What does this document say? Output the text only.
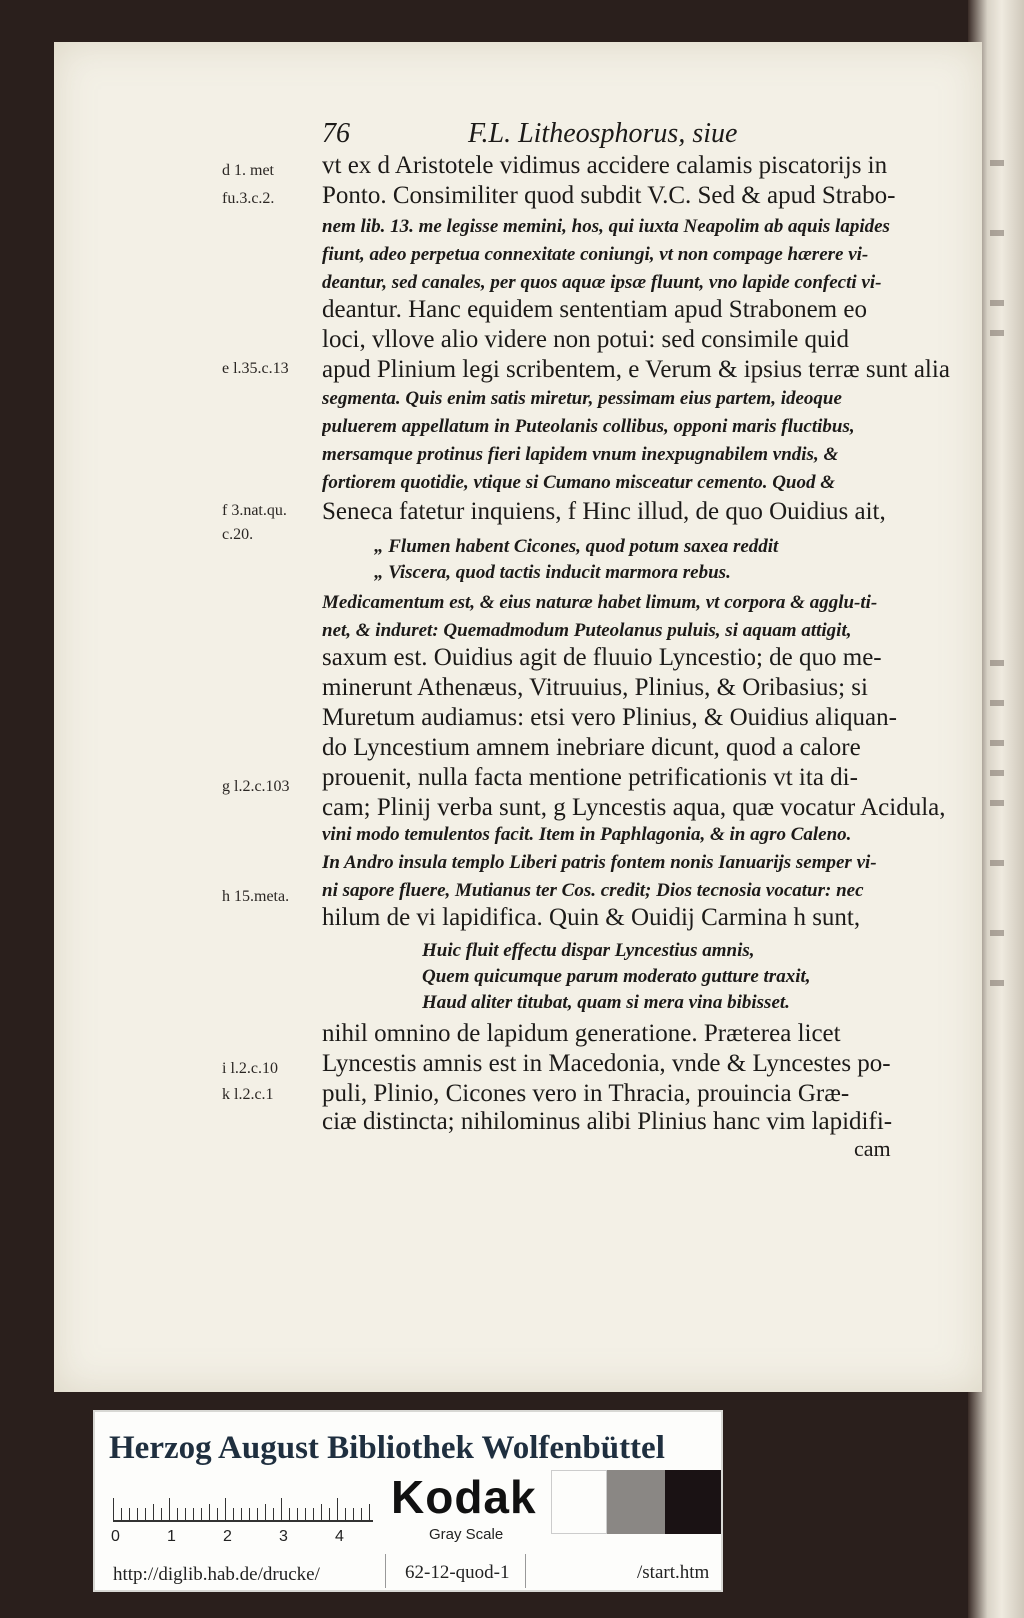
76	F.L. Litheosphorus, siue
d 1. met
fu.3.c.2.
e l.35.c.13
f 3.nat.qu.
c.20.
g l.2.c.103
h 15.meta.
i l.2.c.10
k l.2.c.1
vt ex d Aristotele vidimus accidere calamis piscatorijs in
Ponto. Consimiliter quod subdit V.C. Sed & apud Strabo-
nem lib. 13. me legisse memini, hos, qui iuxta Neapolim ab aquis lapides
fiunt, adeo perpetua connexitate coniungi, vt non compage hærere vi-
deantur, sed canales, per quos aquæ ipsæ fluunt, vno lapide confecti vi-
deantur. Hanc equidem sententiam apud Strabonem eo
loci, vllove alio videre non potui: sed consimile quid
apud Plinium legi scribentem, e Verum & ipsius terræ sunt alia
segmenta. Quis enim satis miretur, pessimam eius partem, ideoque
puluerem appellatum in Puteolanis collibus, opponi maris fluctibus,
mersamque protinus fieri lapidem vnum inexpugnabilem vndis, &
fortiorem quotidie, vtique si Cumano misceatur cemento. Quod &
Seneca fatetur inquiens, f Hinc illud, de quo Ouidius ait,
„ Flumen habent Cicones, quod potum saxea reddit
„ Viscera, quod tactis inducit marmora rebus.
Medicamentum est, & eius naturæ habet limum, vt corpora & agglu-ti-
net, & induret: Quemadmodum Puteolanus puluis, si aquam attigit,
saxum est. Ouidius agit de fluuio Lyncestio; de quo me-
minerunt Athenæus, Vitruuius, Plinius, & Oribasius; si
Muretum audiamus: etsi vero Plinius, & Ouidius aliquan-
do Lyncestium amnem inebriare dicunt, quod a calore
prouenit, nulla facta mentione petrificationis vt ita di-
cam; Plinij verba sunt, g Lyncestis aqua, quæ vocatur Acidula,
vini modo temulentos facit. Item in Paphlagonia, & in agro Caleno.
In Andro insula templo Liberi patris fontem nonis Ianuarijs semper vi-
ni sapore fluere, Mutianus ter Cos. credit; Dios tecnosia vocatur: nec
hilum de vi lapidifica. Quin & Ouidij Carmina h sunt,
Huic fluit effectu dispar Lyncestius amnis,
Quem quicumque parum moderato gutture traxit,
Haud aliter titubat, quam si mera vina bibisset.
nihil omnino de lapidum generatione. Præterea licet
Lyncestis amnis est in Macedonia, vnde & Lyncestes po-
puli, Plinio, Cicones vero in Thracia, prouincia Græ-
ciæ distincta; nihilominus alibi Plinius hanc vim lapidifi-
cam
Herzog August Bibliothek Wolfenbüttel
0	1	2	3	4
Kodak
Gray Scale
http://diglib.hab.de/drucke/	62-12-quod-1	/start.htm
